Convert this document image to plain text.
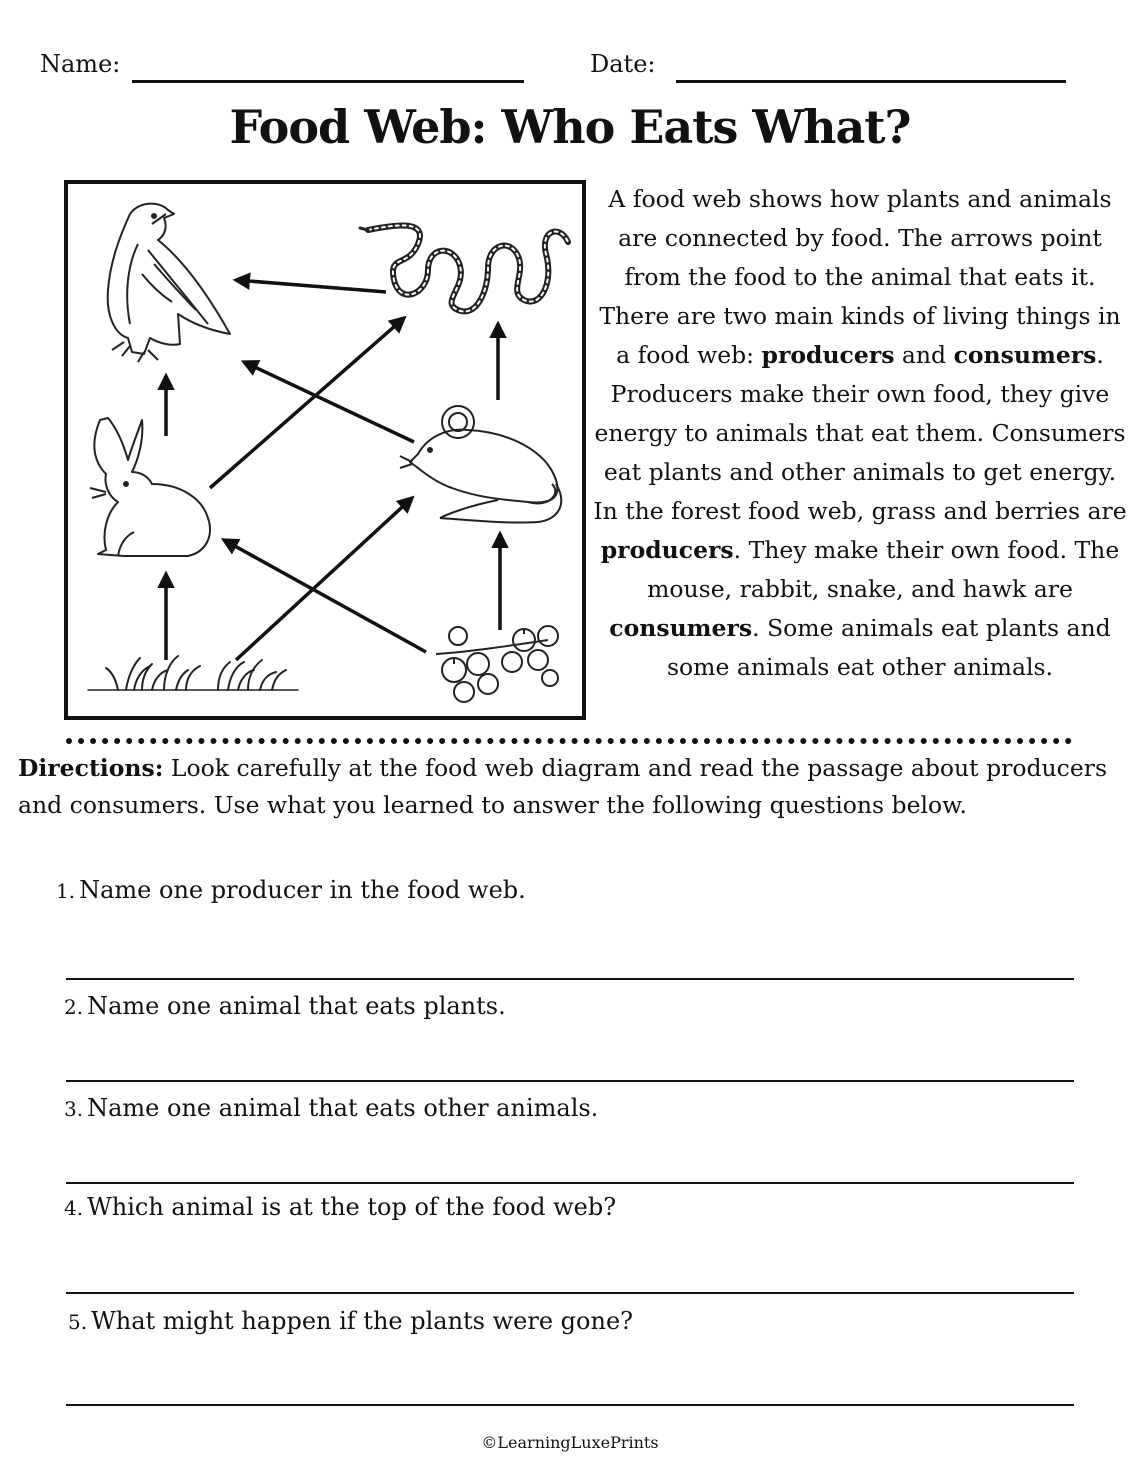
Name:	Date:
Food Web: Who Eats What?
A food web shows how plants and animals are connected by food. The arrows point from the food to the animal that eats it. There are two main kinds of living things in a food web: producers and consumers. Producers make their own food, they give energy to animals that eat them. Consumers eat plants and other animals to get energy. In the forest food web, grass and berries are producers. They make their own food. The mouse, rabbit, snake, and hawk are consumers. Some animals eat plants and some animals eat other animals.
Directions: Look carefully at the food web diagram and read the passage about producers and consumers. Use what you learned to answer the following questions below.
1. Name one producer in the food web.
2. Name one animal that eats plants.
3. Name one animal that eats other animals.
4. Which animal is at the top of the food web?
5. What might happen if the plants were gone?
©LearningLuxePrints
